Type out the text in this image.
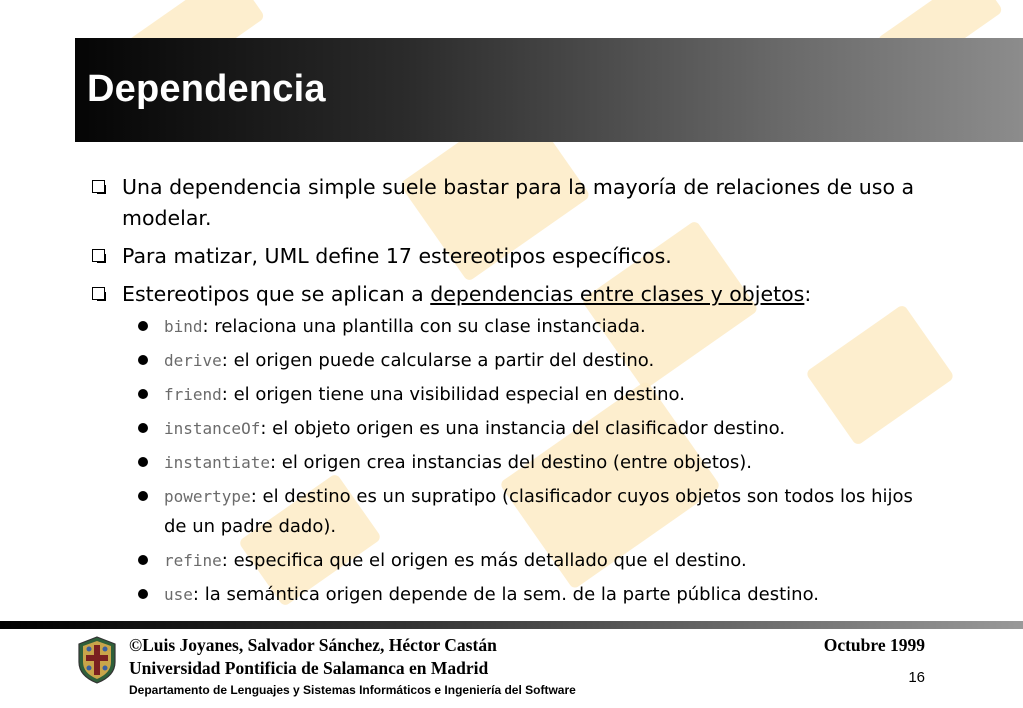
Dependencia
Una dependencia simple suele bastar para la mayoría de relaciones de uso a modelar.
Para matizar, UML define 17 estereotipos específicos.
Estereotipos que se aplican a dependencias entre clases y objetos:
bind: relaciona una plantilla con su clase instanciada.
derive: el origen puede calcularse a partir del destino.
friend: el origen tiene una visibilidad especial en destino.
instanceOf: el objeto origen es una instancia del clasificador destino.
instantiate: el origen crea instancias del destino (entre objetos).
powertype: el destino es un supratipo (clasificador cuyos objetos son todos los hijos de un padre dado).
refine: especifica que el origen es más detallado que el destino.
use: la semántica origen depende de la sem. de la parte pública destino.
©Luis Joyanes, Salvador Sánchez, Héctor Castán
Universidad Pontificia de Salamanca en Madrid
Departamento de Lenguajes y Sistemas Informáticos e Ingeniería del Software
Octubre 1999
16
